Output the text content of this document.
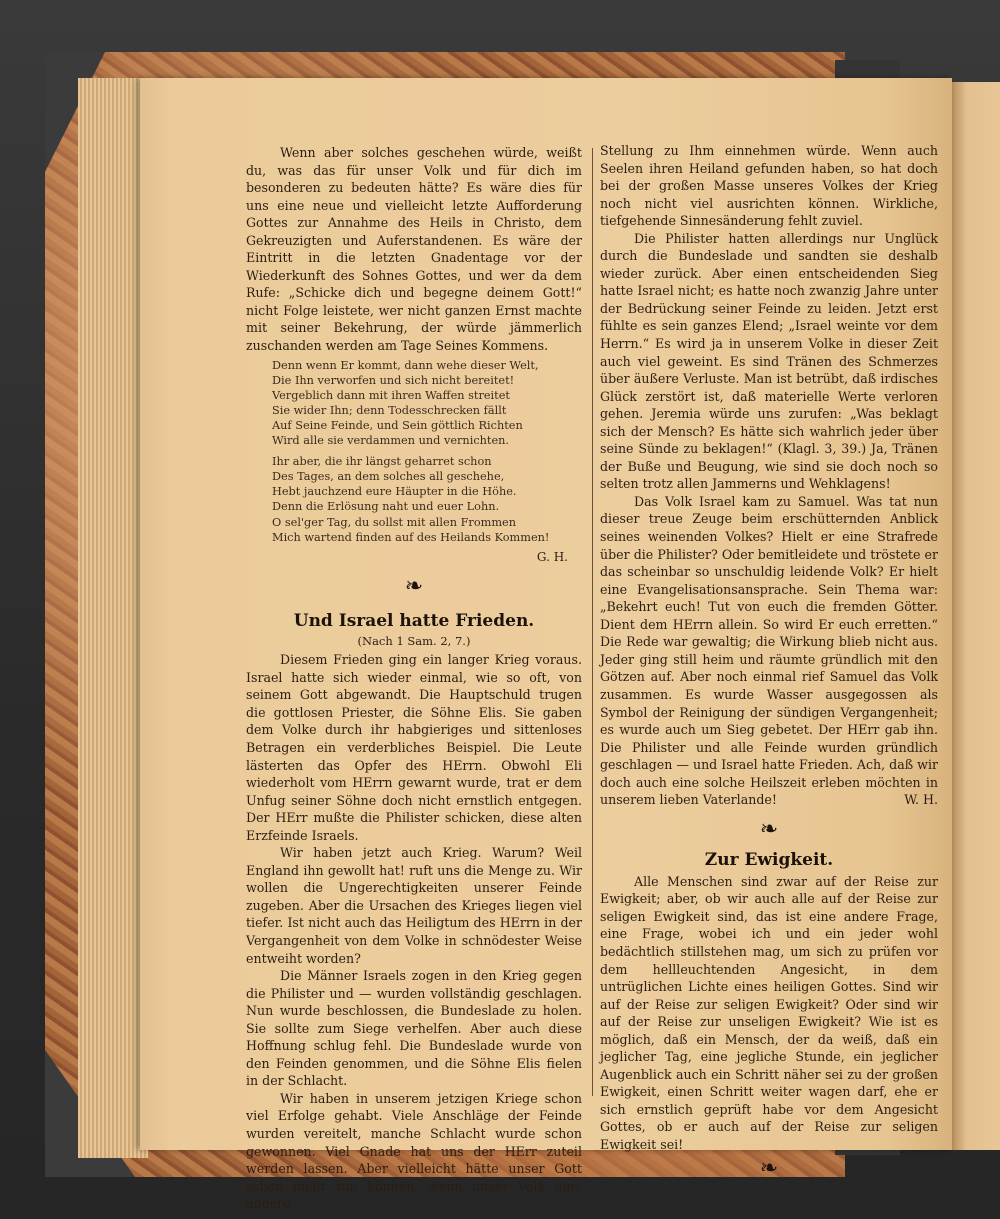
Wenn aber solches geschehen würde, weißt du, was das für unser Volk und für dich im besonderen zu bedeuten hätte? Es wäre dies für uns eine neue und vielleicht letzte Aufforderung Gottes zur Annahme des Heils in Christo, dem Gekreuzigten und Auferstandenen. Es wäre der Eintritt in die letzten Gnadentage vor der Wiederkunft des Sohnes Gottes, und wer da dem Rufe: „Schicke dich und begegne deinem Gott!“ nicht Folge leistete, wer nicht ganzen Ernst machte mit seiner Bekehrung, der würde jämmerlich zuschanden werden am Tage Seines Kommens.

Denn wenn Er kommt, dann wehe dieser Welt,
Die Ihn verworfen und sich nicht bereitet!
Vergeblich dann mit ihren Waffen streitet
Sie wider Ihn; denn Todesschrecken fällt
Auf Seine Feinde, und Sein göttlich Richten
Wird alle sie verdammen und vernichten.
Ihr aber, die ihr längst geharret schon
Des Tages, an dem solches all geschehe,
Hebt jauchzend eure Häupter in die Höhe.
Denn die Erlösung naht und euer Lohn.
O sel'ger Tag, du sollst mit allen Frommen
Mich wartend finden auf des Heilands Kommen!
G. H.
❧
Und Israel hatte Frieden.
(Nach 1 Sam. 2, 7.)

Diesem Frieden ging ein langer Krieg voraus. Israel hatte sich wieder einmal, wie so oft, von seinem Gott abgewandt. Die Hauptschuld trugen die gottlosen Priester, die Söhne Elis. Sie gaben dem Volke durch ihr habgieriges und sittenloses Betragen ein verderbliches Beispiel. Die Leute lästerten das Opfer des HErrn. Obwohl Eli wiederholt vom HErrn gewarnt wurde, trat er dem Unfug seiner Söhne doch nicht ernstlich entgegen. Der HErr mußte die Philister schicken, diese alten Erzfeinde Israels.

Wir haben jetzt auch Krieg. Warum? Weil England ihn gewollt hat! ruft uns die Menge zu. Wir wollen die Ungerechtigkeiten unserer Feinde zugeben. Aber die Ursachen des Krieges liegen viel tiefer. Ist nicht auch das Heiligtum des HErrn in der Vergangenheit von dem Volke in schnödester Weise entweiht worden?

Die Männer Israels zogen in den Krieg gegen die Philister und — wurden vollständig geschlagen. Nun wurde beschlossen, die Bundeslade zu holen. Sie sollte zum Siege verhelfen. Aber auch diese Hoffnung schlug fehl. Die Bundeslade wurde von den Feinden genommen, und die Söhne Elis fielen in der Schlacht.

Wir haben in unserem jetzigen Kriege schon viel Erfolge gehabt. Viele Anschläge der Feinde wurden vereitelt, manche Schlacht wurde schon gewonnen. Viel Gnade hat uns der HErr zuteil werden lassen. Aber vielleicht hätte unser Gott schon mehr tun können, wenn unser Volk eine andere

Stellung zu Ihm einnehmen würde. Wenn auch Seelen ihren Heiland gefunden haben, so hat doch bei der großen Masse unseres Volkes der Krieg noch nicht viel ausrichten können. Wirkliche, tiefgehende Sinnesänderung fehlt zuviel.

Die Philister hatten allerdings nur Unglück durch die Bundeslade und sandten sie deshalb wieder zurück. Aber einen entscheidenden Sieg hatte Israel nicht; es hatte noch zwanzig Jahre unter der Bedrückung seiner Feinde zu leiden. Jetzt erst fühlte es sein ganzes Elend; „Israel weinte vor dem Herrn.“ Es wird ja in unserem Volke in dieser Zeit auch viel geweint. Es sind Tränen des Schmerzes über äußere Verluste. Man ist betrübt, daß irdisches Glück zerstört ist, daß materielle Werte verloren gehen. Jeremia würde uns zurufen: „Was beklagt sich der Mensch? Es hätte sich wahrlich jeder über seine Sünde zu beklagen!“ (Klagl. 3, 39.) Ja, Tränen der Buße und Beugung, wie sind sie doch noch so selten trotz allen Jammerns und Wehklagens!

Das Volk Israel kam zu Samuel. Was tat nun dieser treue Zeuge beim erschütternden Anblick seines weinenden Volkes? Hielt er eine Strafrede über die Philister? Oder bemitleidete und tröstete er das scheinbar so unschuldig leidende Volk? Er hielt eine Evangelisationsansprache. Sein Thema war: „Bekehrt euch! Tut von euch die fremden Götter. Dient dem HErrn allein. So wird Er euch erretten.“ Die Rede war gewaltig; die Wirkung blieb nicht aus. Jeder ging still heim und räumte gründlich mit den Götzen auf. Aber noch einmal rief Samuel das Volk zusammen. Es wurde Wasser ausgegossen als Symbol der Reinigung der sündigen Vergangenheit; es wurde auch um Sieg gebetet. Der HErr gab ihn. Die Philister und alle Feinde wurden gründlich geschlagen — und Israel hatte Frieden. Ach, daß wir doch auch eine solche Heilszeit erleben möchten in unserem lieben Vaterlande!	W. H.

❧
Zur Ewigkeit.

Alle Menschen sind zwar auf der Reise zur Ewigkeit; aber, ob wir auch alle auf der Reise zur seligen Ewigkeit sind, das ist eine andere Frage, eine Frage, wobei ich und ein jeder wohl bedächtlich stillstehen mag, um sich zu prüfen vor dem hellleuchtenden Angesicht, in dem untrüglichen Lichte eines heiligen Gottes. Sind wir auf der Reise zur seligen Ewigkeit? Oder sind wir auf der Reise zur unseligen Ewigkeit? Wie ist es möglich, daß ein Mensch, der da weiß, daß ein jeglicher Tag, eine jegliche Stunde, ein jeglicher Augenblick auch ein Schritt näher sei zu der großen Ewigkeit, einen Schritt weiter wagen darf, ehe er sich ernstlich geprüft habe vor dem Angesicht Gottes, ob er auch auf der Reise zur seligen Ewigkeit sei!

❧
